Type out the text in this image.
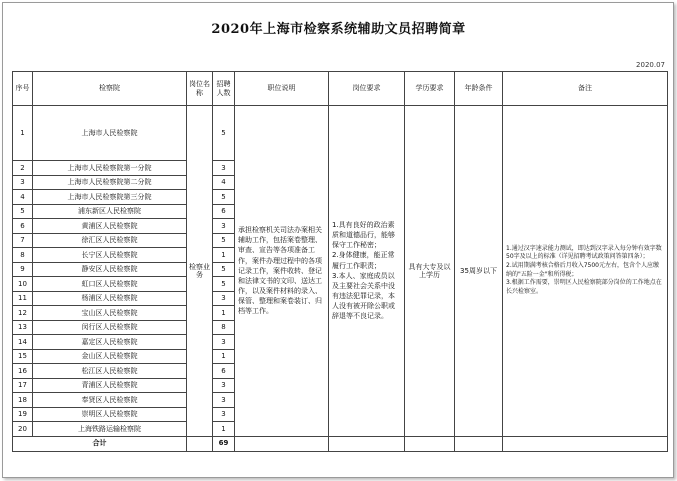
2020年上海市检察系统辅助文员招聘简章
2020.07
序号	检察院	岗位名称	招聘人数	职位说明	岗位要求	学历要求	年龄条件	备注
1	上海市人民检察院	检察业务	5	承担检察机关司法办案相关辅助工作，包括案卷整理、审查、宣告等各项准备工作，案件办理过程中的各项记录工作，案件收转、登记和法律文书的文印、送达工作，以及案件材料的录入、保管、整理和案卷装订、归档等工作。	1.具有良好的政治素质和道德品行，能够保守工作秘密；
2.身体健康，能正常履行工作职责；
3.本人、家庭成员以及主要社会关系中没有违法犯罪记录，本人没有被开除公职或辞退等不良记录。	具有大专及以上学历	35周岁以下	1.通过汉字速录能力测试，即达到汉字录入每分钟有效字数50字及以上的标准（详见招聘考试政策问答第四条）；
2.试用期满考核合格后月收入7500元左右，包含个人应缴纳的"五险一金"和所得税；
3.根据工作需要，崇明区人民检察院部分岗位的工作地点在长兴检察室。
2	上海市人民检察院第一分院		3					
3	上海市人民检察院第二分院		4					
4	上海市人民检察院第三分院		5					
5	浦东新区人民检察院		6					
6	黄浦区人民检察院		3					
7	徐汇区人民检察院		5					
8	长宁区人民检察院		1					
9	静安区人民检察院		5					
10	虹口区人民检察院		5					
11	杨浦区人民检察院		3					
12	宝山区人民检察院		1					
13	闵行区人民检察院		8					
14	嘉定区人民检察院		3					
15	金山区人民检察院		1					
16	松江区人民检察院		6					
17	青浦区人民检察院		3					
18	奉贤区人民检察院		3					
19	崇明区人民检察院		3					
20	上海铁路运输检察院		1					
合计			69					
